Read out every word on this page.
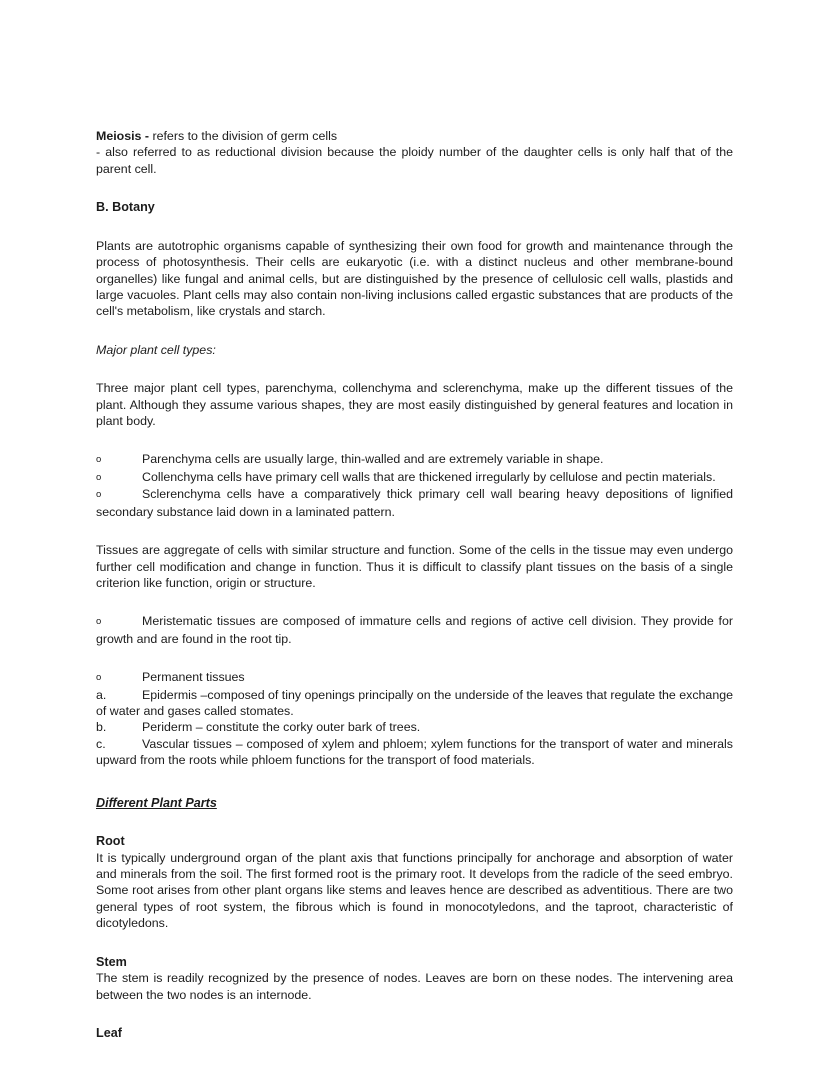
Meiosis - refers to the division of germ cells
- also referred to as reductional division because the ploidy number of the daughter cells is only half that of the parent cell.
B. Botany

Plants are autotrophic organisms capable of synthesizing their own food for growth and maintenance through the process of photosynthesis. Their cells are eukaryotic (i.e. with a distinct nucleus and other membrane-bound organelles) like fungal and animal cells, but are distinguished by the presence of cellulosic cell walls, plastids and large vacuoles. Plant cells may also contain non-living inclusions called ergastic substances that are products of the cell's metabolism, like crystals and starch.

Major plant cell types:

Three major plant cell types, parenchyma, collenchyma and sclerenchyma, make up the different tissues of the plant. Although they assume various shapes, they are most easily distinguished by general features and location in plant body.

o	Parenchyma cells are usually large, thin-walled and are extremely variable in shape.
o	Collenchyma cells have primary cell walls that are thickened irregularly by cellulose and pectin materials.
o	Sclerenchyma cells have a comparatively thick primary cell wall bearing heavy depositions of lignified secondary substance laid down in a laminated pattern.

Tissues are aggregate of cells with similar structure and function. Some of the cells in the tissue may even undergo further cell modification and change in function. Thus it is difficult to classify plant tissues on the basis of a single criterion like function, origin or structure.

o	Meristematic tissues are composed of immature cells and regions of active cell division. They provide for growth and are found in the root tip.
o	Permanent tissues
a.	Epidermis –composed of tiny openings principally on the underside of the leaves that regulate the exchange of water and gases called stomates.
b.	Periderm – constitute the corky outer bark of trees.
c.	Vascular tissues – composed of xylem and phloem; xylem functions for the transport of water and minerals upward from the roots while phloem functions for the transport of food materials.
Different Plant Parts
Root

It is typically underground organ of the plant axis that functions principally for anchorage and absorption of water and minerals from the soil. The first formed root is the primary root. It develops from the radicle of the seed embryo. Some root arises from other plant organs like stems and leaves hence are described as adventitious. There are two general types of root system, the fibrous which is found in monocotyledons, and the taproot, characteristic of dicotyledons.

Stem

The stem is readily recognized by the presence of nodes. Leaves are born on these nodes. The intervening area between the two nodes is an internode.

Leaf
